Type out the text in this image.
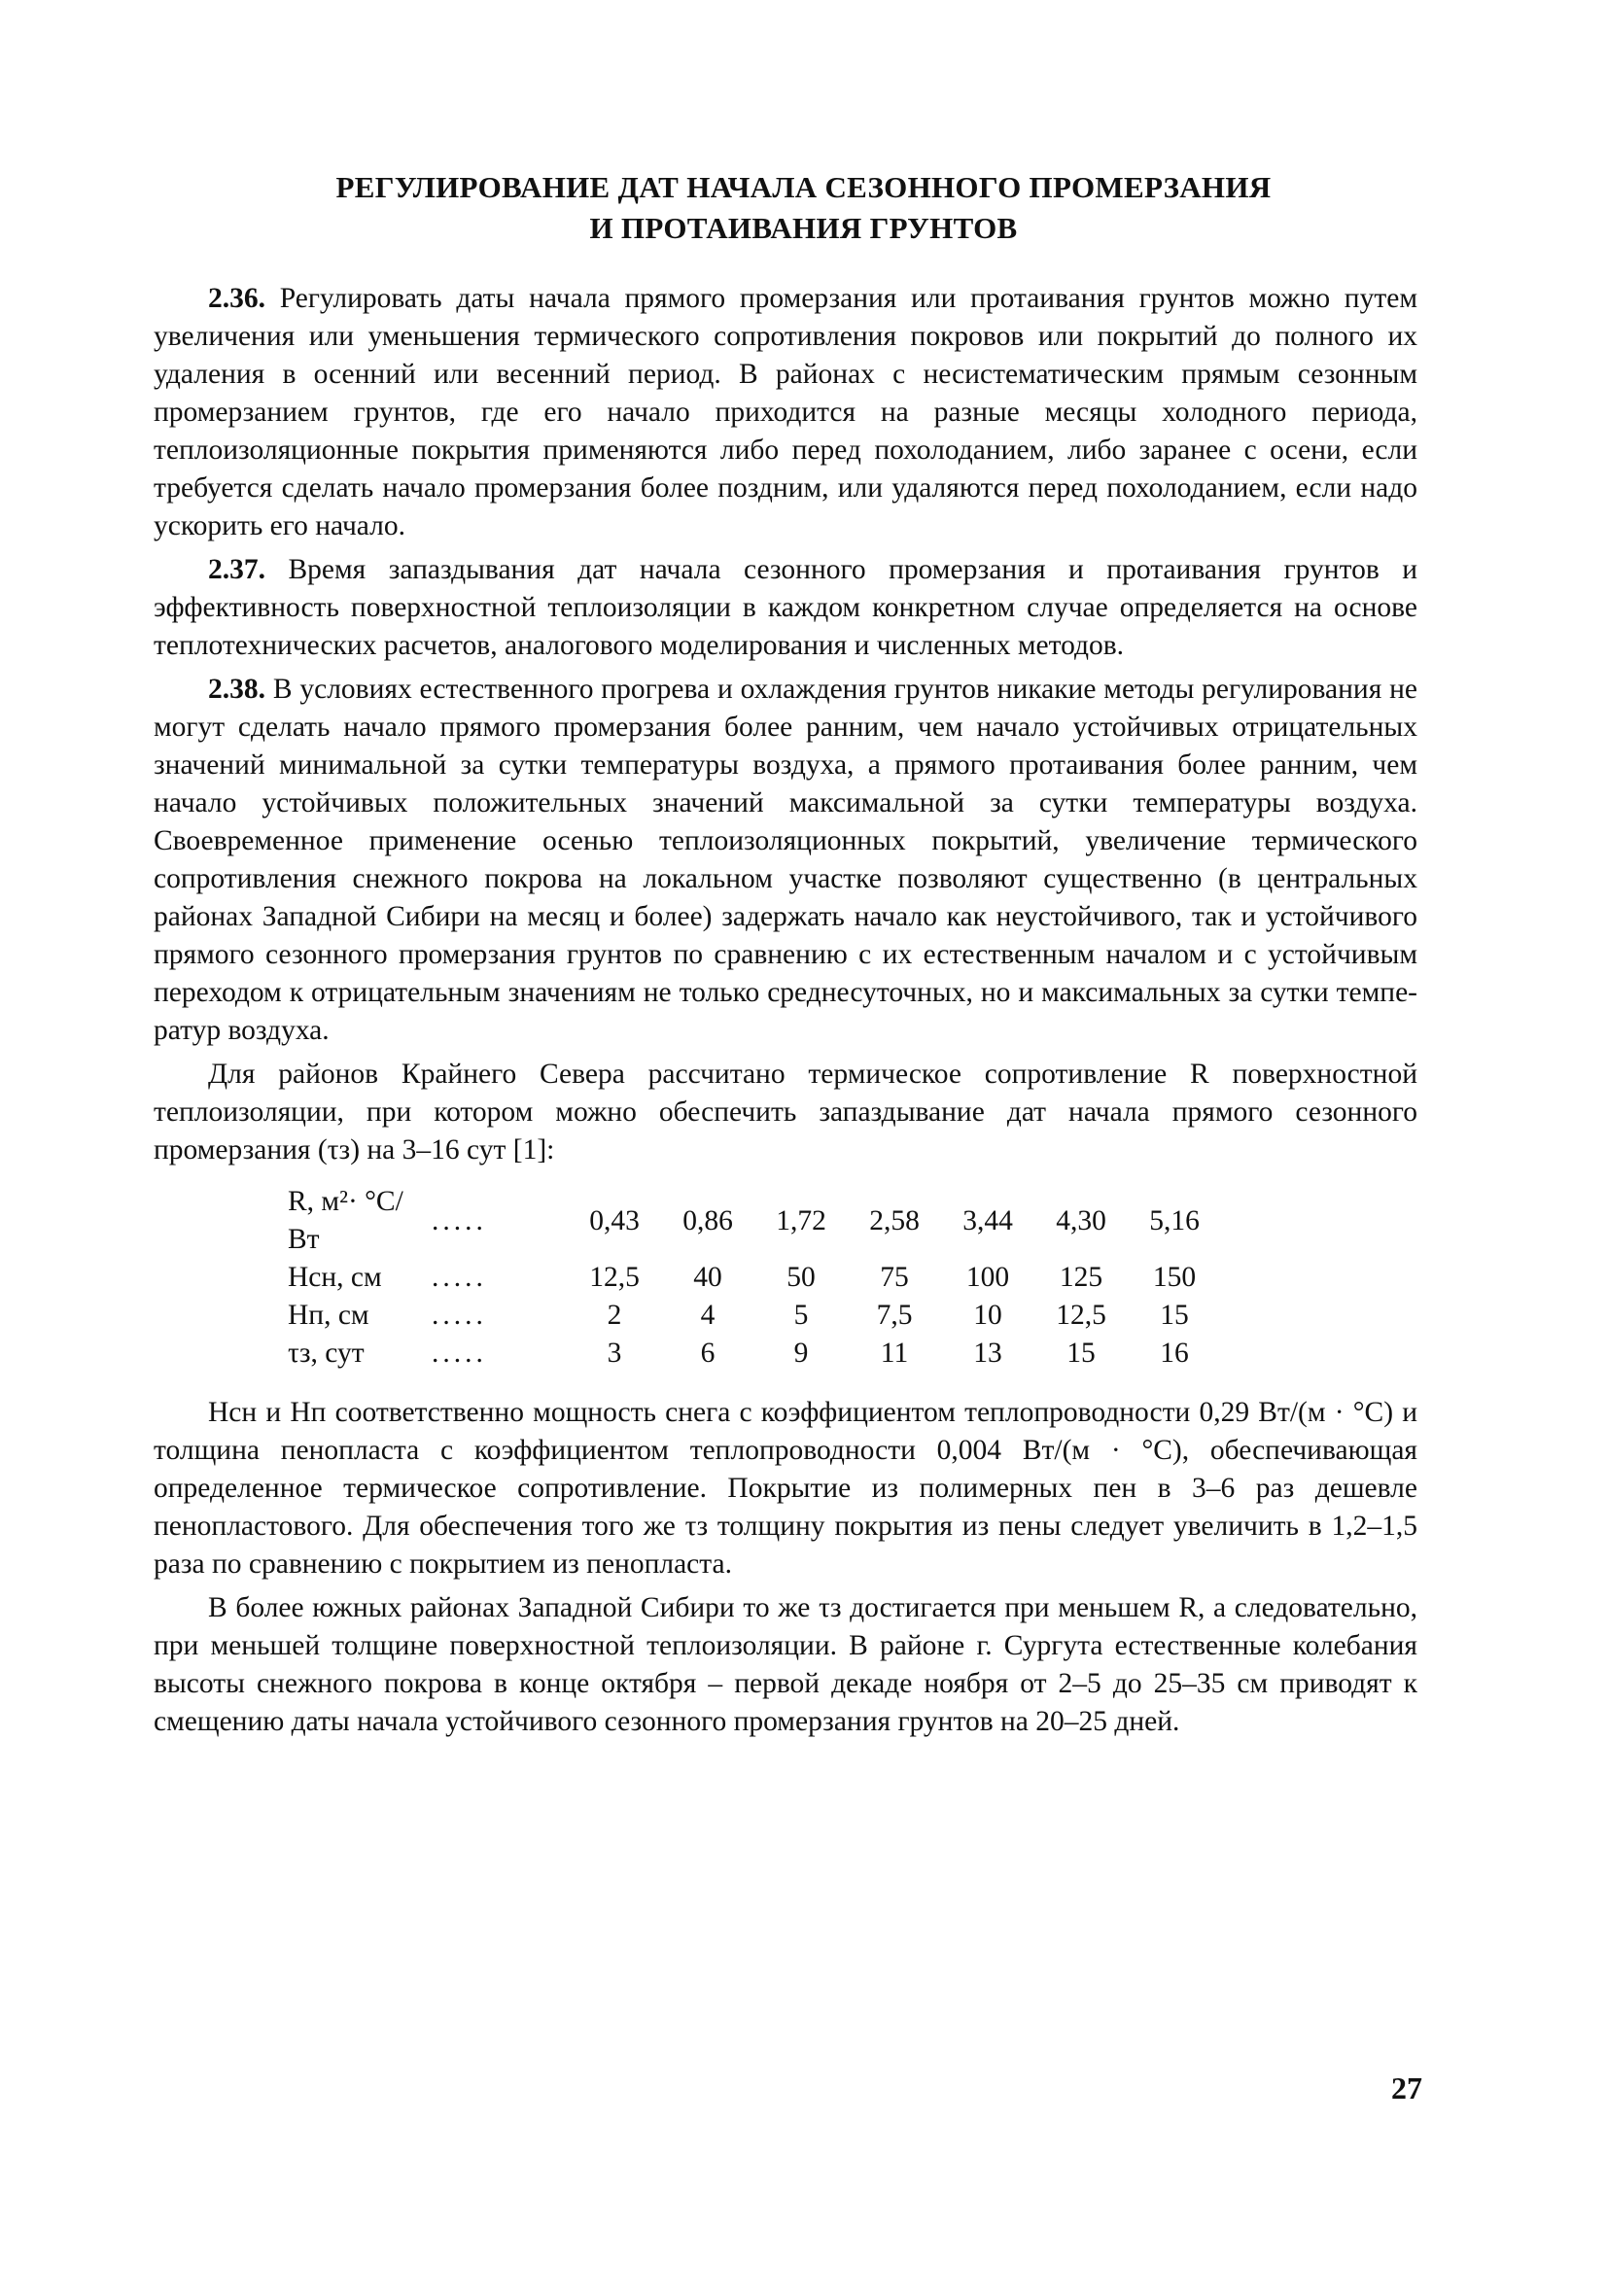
РЕГУЛИРОВАНИЕ ДАТ НАЧАЛА СЕЗОННОГО ПРОМЕРЗАНИЯ
И ПРОТАИВАНИЯ ГРУНТОВ

2.36. Регулировать даты начала прямого промерзания или протаивания грунтов можно путем увеличения или уменьшения термического сопротивления покровов или покрытий до полного их удаления в осенний или весенний период. В районах с несистематическим прямым сезонным промерзанием грунтов, где его начало приходится на разные месяцы холодного периода, теплоизоляционные покрытия применяются либо перед похолоданием, либо заранее с осени, если требуется сделать начало промерзания более поздним, или удаляются перед похолоданием, если надо ускорить его начало.

2.37. Время запаздывания дат начала сезонного промерзания и протаивания грунтов и эффективность поверхностной теплоизоляции в каждом конкретном случае определяется на основе теплотехнических расчетов, аналогового моделирования и численных методов.

2.38. В условиях естественного прогрева и охлаждения грунтов никакие методы регулирования не могут сделать начало прямого промерзания более ранним, чем начало устойчивых отрицательных значений минимальной за сутки температуры воздуха, а прямого протаивания более ранним, чем начало устойчивых положительных значений максимальной за сутки температуры воздуха. Своевременное применение осенью теплоизоляционных покрытий, увеличение термического сопротивления снежного покрова на локальном участке позволяют существенно (в центральных районах Западной Сибири на месяц и более) задержать начало как неустойчивого, так и устойчивого прямого сезонного промерзания грунтов по сравнению с их естественным началом и с устойчивым переходом к отрицательным значениям не только среднесуточных, но и максимальных за сутки температур воздуха.

Для районов Крайнего Севера рассчитано термическое сопротивление R поверхностной теплоизоляции, при котором можно обеспечить запаздывание дат начала прямого сезонного промерзания (τз) на 3–16 сут [1]:

R, м²· °C/Вт	.....	0,43	0,86	1,72	2,58	3,44	4,30	5,16
Hсн, см	.....	12,5	40	50	75	100	125	150
Hп, см	.....	2	4	5	7,5	10	12,5	15
τз, сут	.....	3	6	9	11	13	15	16

Hсн и Hп соответственно мощность снега с коэффициентом теплопроводности 0,29 Вт/(м · °C) и толщина пенопласта с коэффициентом теплопроводности 0,004 Вт/(м · °C), обеспечивающая определенное термическое сопротивление. Покрытие из полимерных пен в 3–6 раз дешевле пенопластового. Для обеспечения того же τз толщину покрытия из пены следует увеличить в 1,2–1,5 раза по сравнению с покрытием из пенопласта.

В более южных районах Западной Сибири то же τз достигается при меньшем R, а следовательно, при меньшей толщине поверхностной теплоизоляции. В районе г. Сургута естественные колебания высоты снежного покрова в конце октября – первой декаде ноября от 2–5 до 25–35 см приводят к смещению даты начала устойчивого сезонного промерзания грунтов на 20–25 дней.

27
